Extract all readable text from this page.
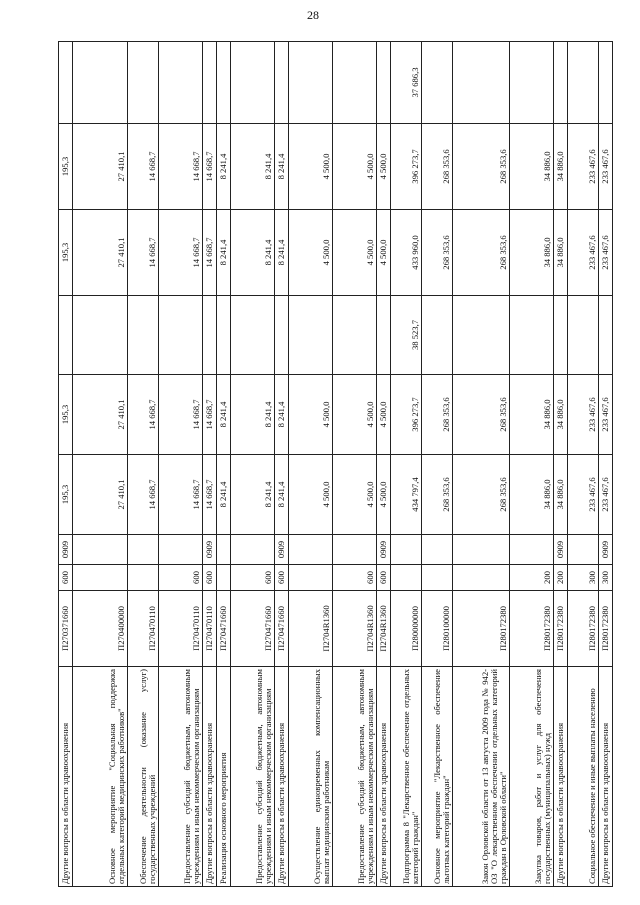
28
Другие вопросы в области здравоохранения	П270371660	600	0909	195,3	195,3		195,3	195,3	
Основное мероприятие "Социальная поддержка отдельных категорий медицинских работников"	П270400000			27 410,1	27 410,1		27 410,1	27 410,1	
Обеспечение деятельности (оказание услуг) государственных учреждений	П270470110			14 668,7	14 668,7		14 668,7	14 668,7	
Предоставление субсидий бюджетным, автономным учреждениям и иным некоммерческим организациям	П270470110	600		14 668,7	14 668,7		14 668,7	14 668,7	
Другие вопросы в области здравоохранения	П270470110	600	0909	14 668,7	14 668,7		14 668,7	14 668,7	
Реализация основного мероприятия	П270471660			8 241,4	8 241,4		8 241,4	8 241,4	
Предоставление субсидий бюджетным, автономным учреждениям и иным некоммерческим организациям	П270471660	600		8 241,4	8 241,4		8 241,4	8 241,4	
Другие вопросы в области здравоохранения	П270471660	600	0909	8 241,4	8 241,4		8 241,4	8 241,4	
Осуществление единовременных компенсационных выплат медицинским работникам	П2704R1360			4 500,0	4 500,0		4 500,0	4 500,0	
Предоставление субсидий бюджетным, автономным учреждениям и иным некоммерческим организациям	П2704R1360	600		4 500,0	4 500,0		4 500,0	4 500,0	
Другие вопросы в области здравоохранения	П2704R1360	600	0909	4 500,0	4 500,0		4 500,0	4 500,0	
Подпрограмма 8 "Лекарственное обеспечение отдельных категорий граждан"	П280000000			434 797,4	396 273,7	38 523,7	433 960,0	396 273,7	37 686,3
Основное мероприятие "Лекарственное обеспечение льготных категорий граждан"	П280100000			268 353,6	268 353,6		268 353,6	268 353,6	
Закон Орловской области от 13 августа 2009 года № 942-ОЗ "О лекарственном обеспечении отдельных категорий граждан в Орловской области"	П280172380			268 353,6	268 353,6		268 353,6	268 353,6	
Закупка товаров, работ и услуг для обеспечения государственных (муниципальных) нужд	П280172380	200		34 886,0	34 886,0		34 886,0	34 886,0	
Другие вопросы в области здравоохранения	П280172380	200	0909	34 886,0	34 886,0		34 886,0	34 886,0	
Социальное обеспечение и иные выплаты населению	П280172380	300		233 467,6	233 467,6		233 467,6	233 467,6	
Другие вопросы в области здравоохранения	П280172380	300	0909	233 467,6	233 467,6		233 467,6	233 467,6	
